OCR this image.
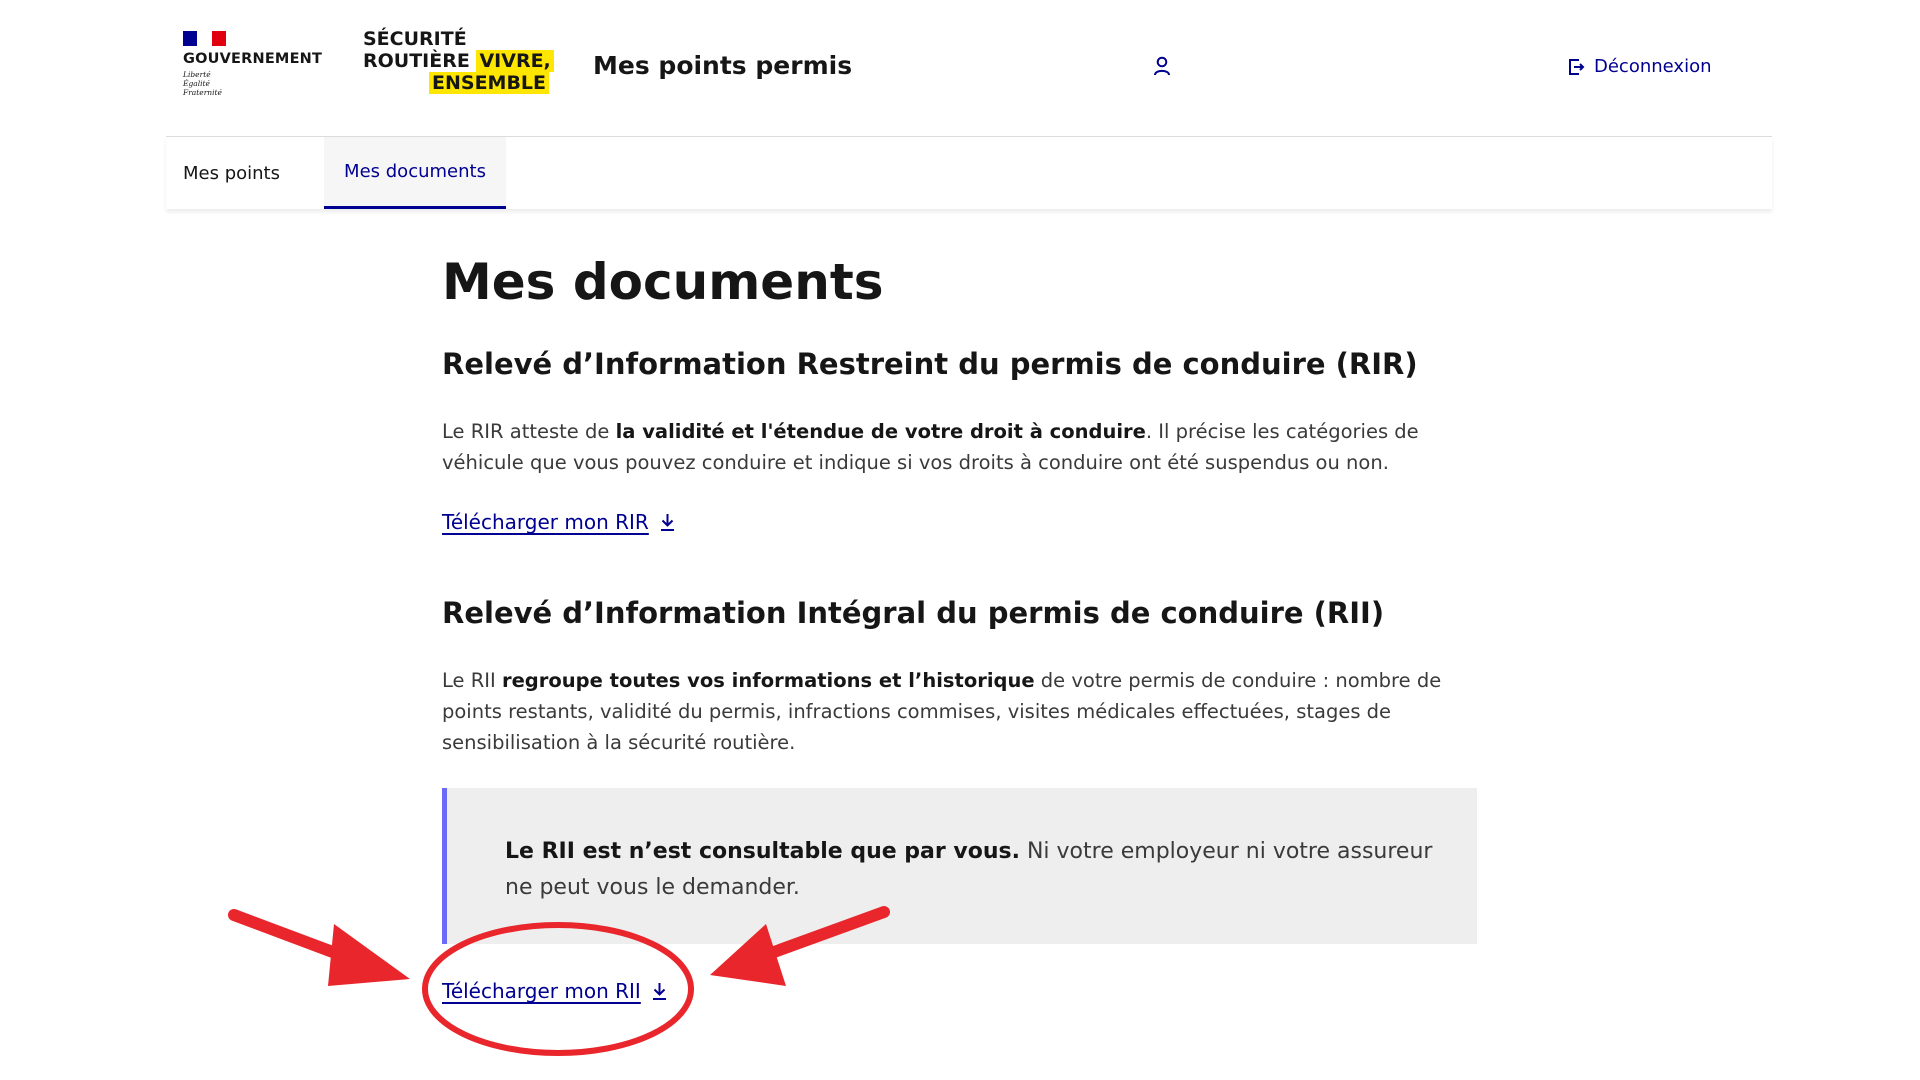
GOUVERNEMENT
Liberté
Égalité
Fraternité
SÉCURITÉ
ROUTIÈRE VIVRE,
ENSEMBLE
Mes points permis	Déconnexion
Mes points	Mes documents
Mes documents
Relevé d’Information Restreint du permis de conduire (RIR)
Le RIR atteste de la validité et l'étendue de votre droit à conduire. Il précise les catégories de véhicule que vous pouvez conduire et indique si vos droits à conduire ont été suspendus ou non.
Télécharger mon RIR
Relevé d’Information Intégral du permis de conduire (RII)
Le RII regroupe toutes vos informations et l’historique de votre permis de conduire : nombre de points restants, validité du permis, infractions commises, visites médicales effectuées, stages de sensibilisation à la sécurité routière.
Le RII est n’est consultable que par vous. Ni votre employeur ni votre assureur ne peut vous le demander.
Télécharger mon RII
